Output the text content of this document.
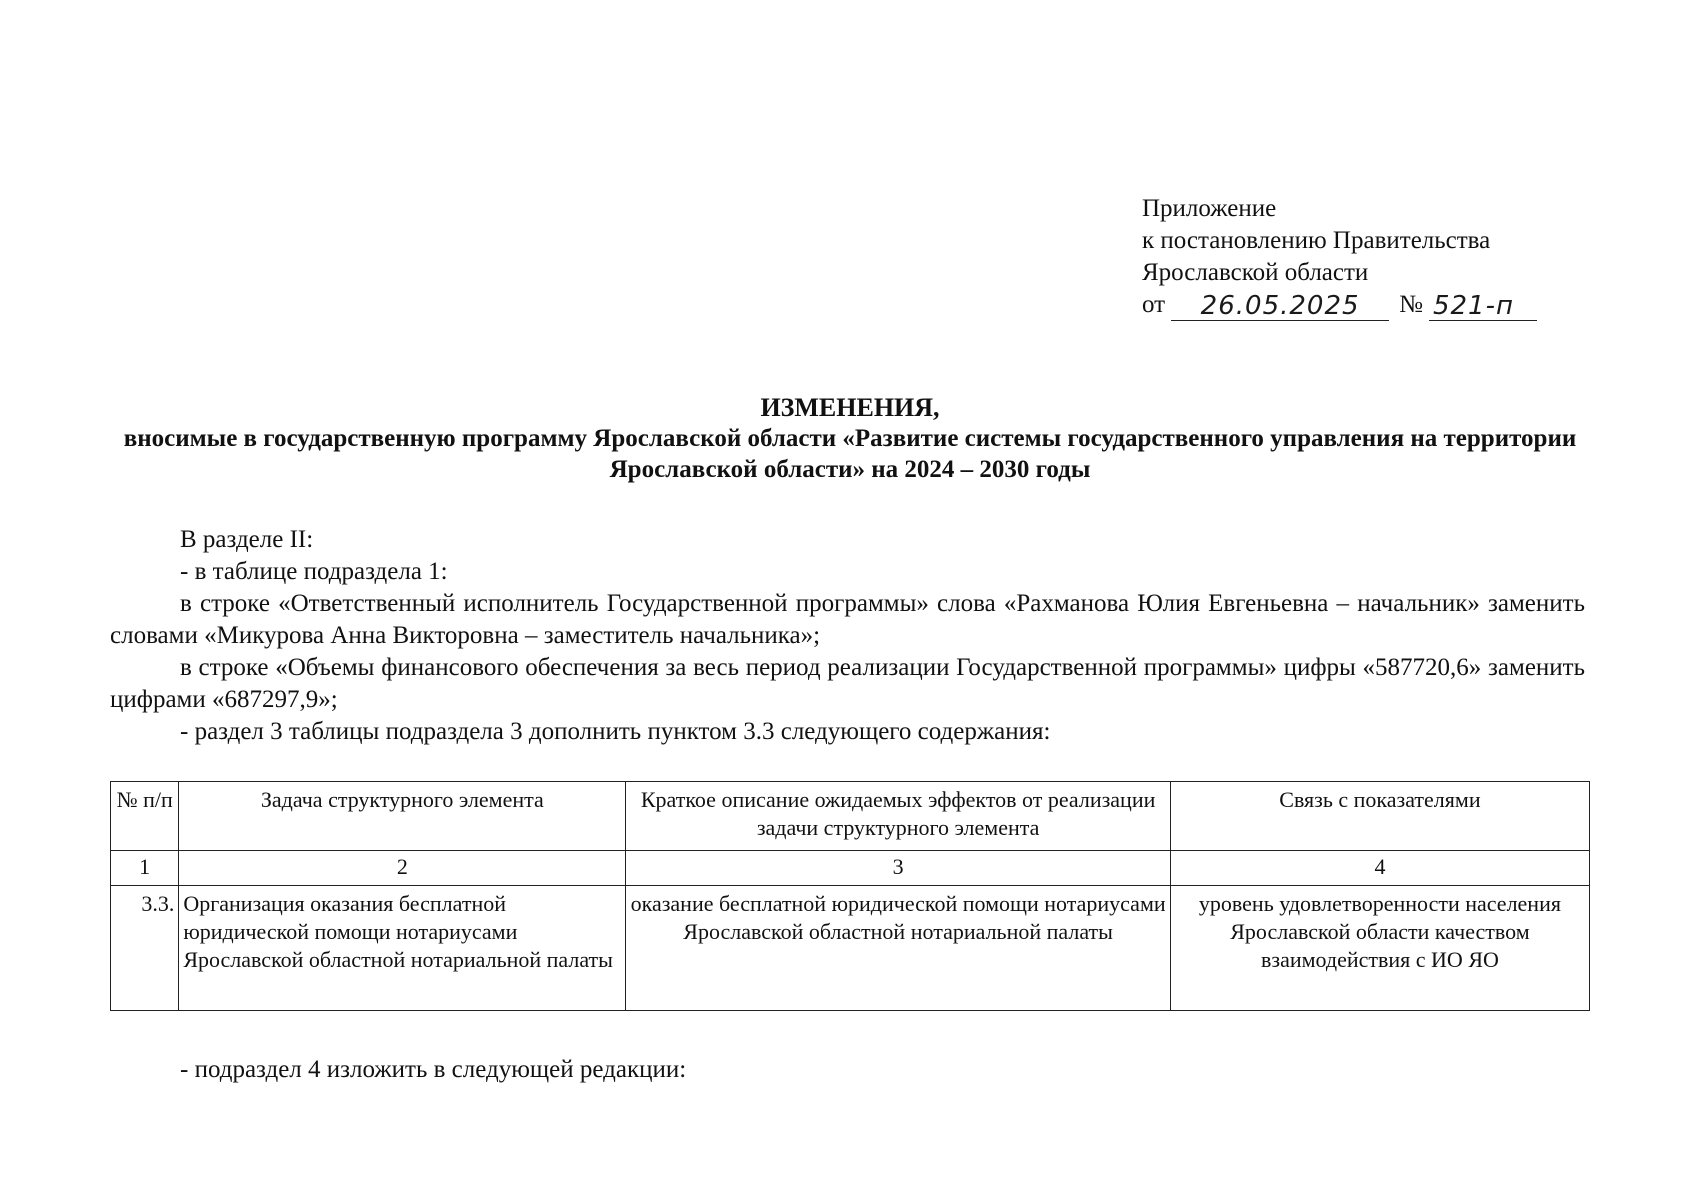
Приложение
к постановлению Правительства
Ярославской области
от	26.05.2025	№ 521-п
ИЗМЕНЕНИЯ,
вносимые в государственную программу Ярославской области «Развитие системы государственного управления на территории Ярославской области» на 2024 – 2030 годы

В разделе II:

- в таблице подраздела 1:

в строке «Ответственный исполнитель Государственной программы» слова «Рахманова Юлия Евгеньевна – начальник» заменить словами «Микурова Анна Викторовна – заместитель начальника»;

в строке «Объемы финансового обеспечения за весь период реализации Государственной программы» цифры «587720,6» заменить цифрами «687297,9»;

- раздел 3 таблицы подраздела 3 дополнить пунктом 3.3 следующего содержания:

№ п/п	Задача структурного элемента	Краткое описание ожидаемых эффектов от реализации задачи структурного элемента	Связь с показателями
1	2	3	4
3.3.	Организация оказания бесплатной юридической помощи нотариусами Ярославской областной нотариальной палаты	оказание бесплатной юридической помощи нотариусами Ярославской областной нотариальной палаты	уровень удовлетворенности населения Ярославской области качеством взаимодействия с ИО ЯО
- подраздел 4 изложить в следующей редакции:
